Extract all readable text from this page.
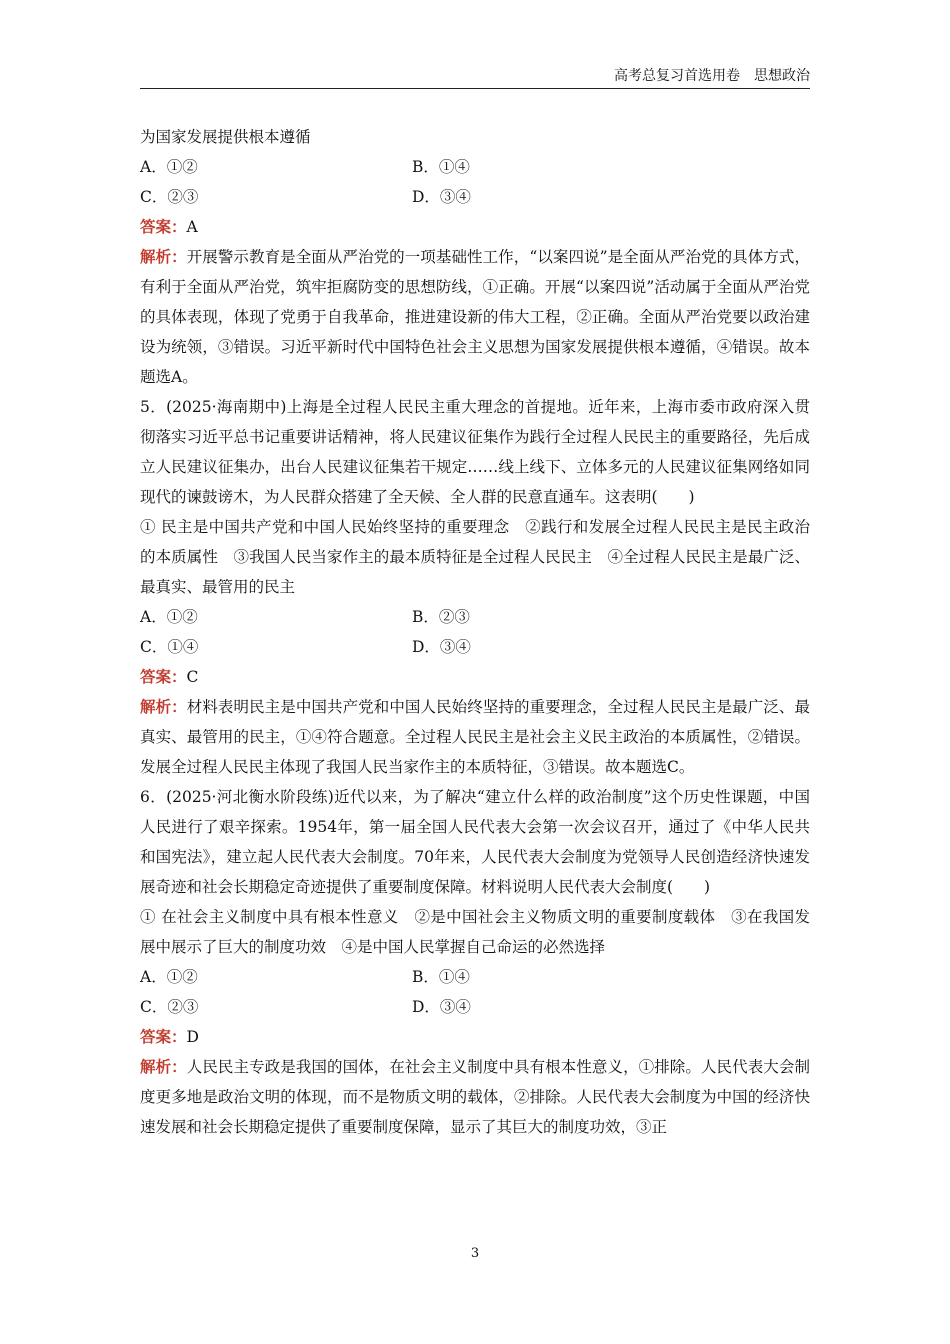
高考总复习首选用卷　思想政治

为国家发展提供根本遵循

A．①②	B．①④
C．②③	D．③④

答案：A

解析：开展警示教育是全面从严治党的一项基础性工作，“以案四说”是全面从严治党的具体方式，有利于全面从严治党，筑牢拒腐防变的思想防线，①正确。开展“以案四说”活动属于全面从严治党的具体表现，体现了党勇于自我革命，推进建设新的伟大工程，②正确。全面从严治党要以政治建设为统领，③错误。习近平新时代中国特色社会主义思想为国家发展提供根本遵循，④错误。故本题选A。

5．(2025·海南期中)上海是全过程人民民主重大理念的首提地。近年来，上海市委市政府深入贯彻落实习近平总书记重要讲话精神，将人民建议征集作为践行全过程人民民主的重要路径，先后成立人民建议征集办，出台人民建议征集若干规定……线上线下、立体多元的人民建议征集网络如同现代的谏鼓谤木，为人民群众搭建了全天候、全人群的民意直通车。这表明(　　)

① 民主是中国共产党和中国人民始终坚持的重要理念　②践行和发展全过程人民民主是民主政治的本质属性　③我国人民当家作主的最本质特征是全过程人民民主　④全过程人民民主是最广泛、最真实、最管用的民主

A．①②	B．②③
C．①④	D．③④

答案：C

解析：材料表明民主是中国共产党和中国人民始终坚持的重要理念，全过程人民民主是最广泛、最真实、最管用的民主，①④符合题意。全过程人民民主是社会主义民主政治的本质属性，②错误。发展全过程人民民主体现了我国人民当家作主的本质特征，③错误。故本题选C。

6．(2025·河北衡水阶段练)近代以来，为了解决“建立什么样的政治制度”这个历史性课题，中国人民进行了艰辛探索。1954年，第一届全国人民代表大会第一次会议召开，通过了《中华人民共和国宪法》，建立起人民代表大会制度。70年来，人民代表大会制度为党领导人民创造经济快速发展奇迹和社会长期稳定奇迹提供了重要制度保障。材料说明人民代表大会制度(　　)

① 在社会主义制度中具有根本性意义　②是中国社会主义物质文明的重要制度载体　③在我国发展中展示了巨大的制度功效　④是中国人民掌握自己命运的必然选择

A．①②	B．①④
C．②③	D．③④

答案：D

解析：人民民主专政是我国的国体，在社会主义制度中具有根本性意义，①排除。人民代表大会制度更多地是政治文明的体现，而不是物质文明的载体，②排除。人民代表大会制度为中国的经济快速发展和社会长期稳定提供了重要制度保障，显示了其巨大的制度功效，③正

3
